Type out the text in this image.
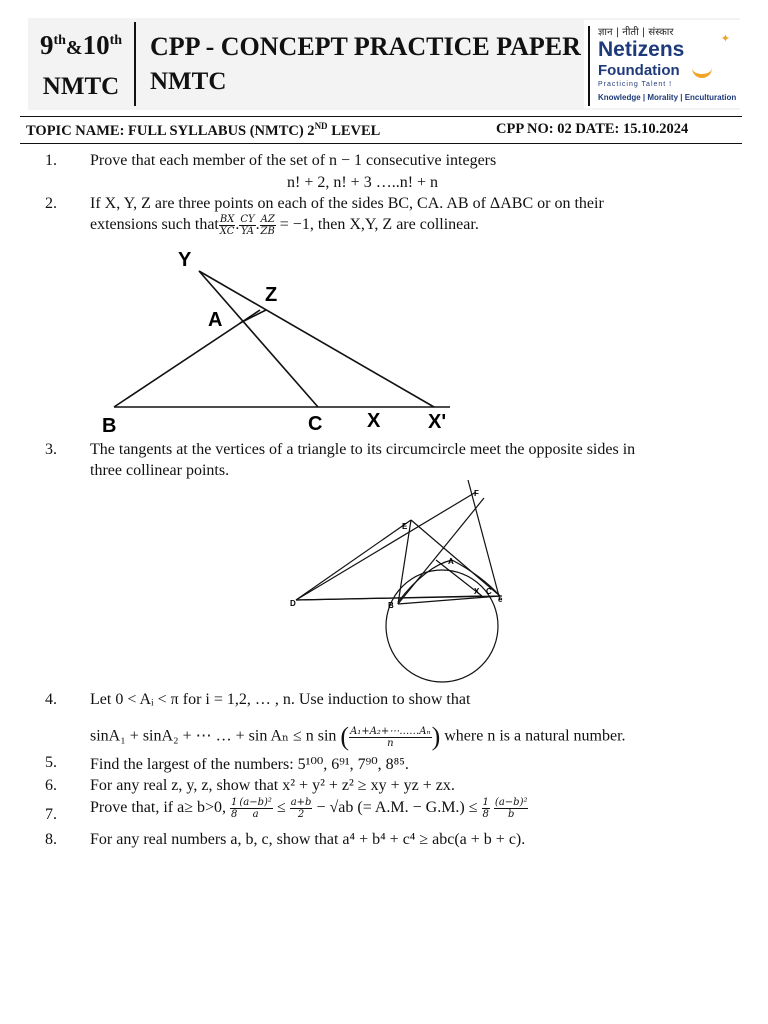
9th&10th
NMTC
CPP - CONCEPT PRACTICE PAPER
NMTC
ज्ञान | नीती | संस्कार
✦
Netizens
Foundation
Practicing Talent !
Knowledge | Morality | Enculturation
TOPIC NAME: FULL SYLLABUS (NMTC) 2ND LEVEL	CPP NO: 02 DATE: 15.10.2024
1. Prove that each member of the set of n − 1 consecutive integers
n! + 2, n! + 3 …..n! + n
2. If X, Y, Z are three points on each of the sides BC, CA. AB of ΔABC or on their
extensions such that $\frac{BX}{XC}$ . $\frac{CY}{YA}$ . $\frac{AZ}{ZB} = -1$, then X,Y, Z are collinear.
Y
Z
A
B	C X X'
3. The tangents at the vertices of a triangle to its circumcircle meet the opposite sides in
three collinear points.
F
E
A
D	B
X C
e
4. Let 0 < Aᵢ < π for i = 1,2, … , n. Use induction to show that
sinA₁ + sinA₂ + ⋯ … + sin Aₙ ≤ n sin ( $\frac{\text{A₁+A₂+⋯……Aₙ}}{n}$ ) where n is a natural number.
5. Find the largest of the numbers: 5¹⁰⁰, 6⁹¹, 7⁹⁰, 8⁸⁵.
6. For any real z, y, z, show that x² + y² + z² ≥ xy + yz + zx.
7. Prove that, if a≥ b>0, $\frac{1}{8} \frac{\text{(a−b)²}}{a} \le \frac{a+b}{2} - √ab$ (= A.M. − $G.M.) \le \frac{1}{8}$
$\frac{\text{(a−b)²}}{b}$
8. For any real numbers a, b, c, show that a⁴ + b⁴ + c⁴ ≥ abc(a + b + c).
